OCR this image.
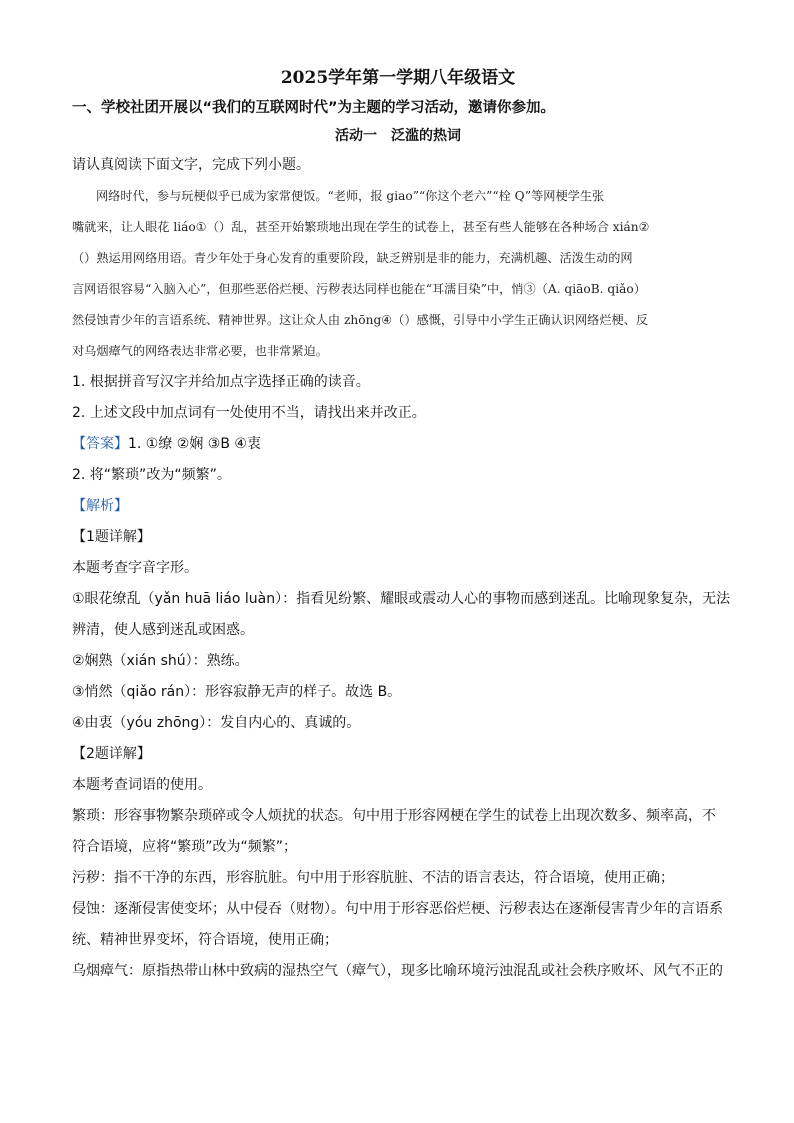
2025学年第一学期八年级语文
一、学校社团开展以“我们的互联网时代”为主题的学习活动，邀请你参加。
活动一　泛滥的热词
请认真阅读下面文字，完成下列小题。
网络时代，参与玩梗似乎已成为家常便饭。“老师，报 giao”“你这个老六”“栓 Q”等网梗学生张
嘴就来，让人眼花 liáo①（）乱，甚至开始繁琐地出现在学生的试卷上，甚至有些人能够在各种场合 xián②
（）熟运用网络用语。青少年处于身心发育的重要阶段，缺乏辨别是非的能力，充满机趣、活泼生动的网
言网语很容易“入脑入心”，但那些恶俗烂梗、污秽表达同样也能在“耳濡目染”中，悄③（A. qiāoB. qiǎo）
然侵蚀青少年的言语系统、精神世界。这让众人由 zhōng④（）感慨，引导中小学生正确认识网络烂梗、反
对乌烟瘴气的网络表达非常必要，也非常紧迫。
1. 根据拼音写汉字并给加点字选择正确的读音。
2. 上述文段中加点词有一处使用不当，请找出来并改正。
【答案】1. ①缭 ②娴 ③B ④衷
2. 将“繁琐”改为“频繁”。
【解析】
【1题详解】
本题考查字音字形。
①眼花缭乱（yǎn huā liáo luàn）：指看见纷繁、耀眼或震动人心的事物而感到迷乱。比喻现象复杂，无法
辨清，使人感到迷乱或困惑。
②娴熟（xián shú）：熟练。
③悄然（qiǎo rán）：形容寂静无声的样子。故选 B。
④由衷（yóu zhōng）：发自内心的、真诚的。
【2题详解】
本题考查词语的使用。
繁琐：形容事物繁杂琐碎或令人烦扰的状态。句中用于形容网梗在学生的试卷上出现次数多、频率高，不
符合语境，应将“繁琐”改为“频繁”；
污秽：指不干净的东西，形容肮脏。句中用于形容肮脏、不洁的语言表达，符合语境，使用正确；
侵蚀：逐渐侵害使变坏；从中侵吞（财物）。句中用于形容恶俗烂梗、污秽表达在逐渐侵害青少年的言语系
统、精神世界变坏，符合语境，使用正确；
乌烟瘴气：原指热带山林中致病的湿热空气（瘴气），现多比喻环境污浊混乱或社会秩序败坏、风气不正的
